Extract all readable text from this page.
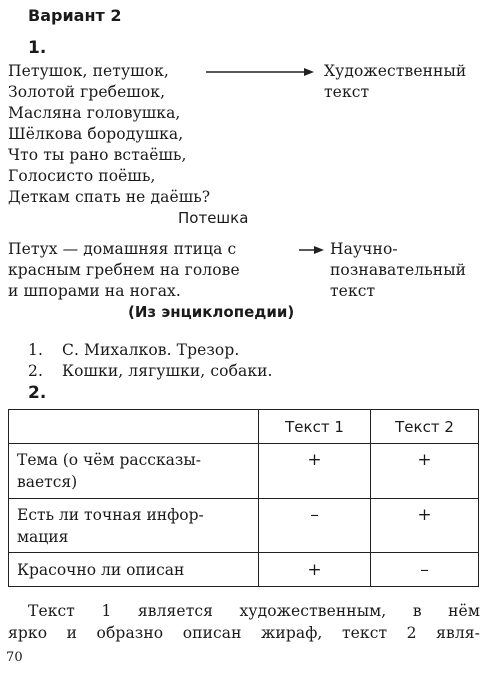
Вариант 2
1.
Петушок, петушок,
Золотой гребешок,
Масляна головушка,
Шёлкова бородушка,
Что ты рано встаёшь,
Голосисто поёшь,
Деткам спать не даёшь?
Потешка
Художественный
текст
Петух — домашняя птица с
красным гребнем на голове
и шпорами на ногах.
(Из энциклопедии)
Научно-
познавательный
текст
1. С. Михалков. Трезор.
2. Кошки, лягушки, собаки.
2.
	Текст 1	Текст 2

Тема (о чём рассказы-
вается)	+	+

Есть ли точная инфор-
мация	–	+

Красочно ли описан	+	–
Текст 1 является художественным, в нём
ярко и образно описан жираф, текст 2 явля-
70
